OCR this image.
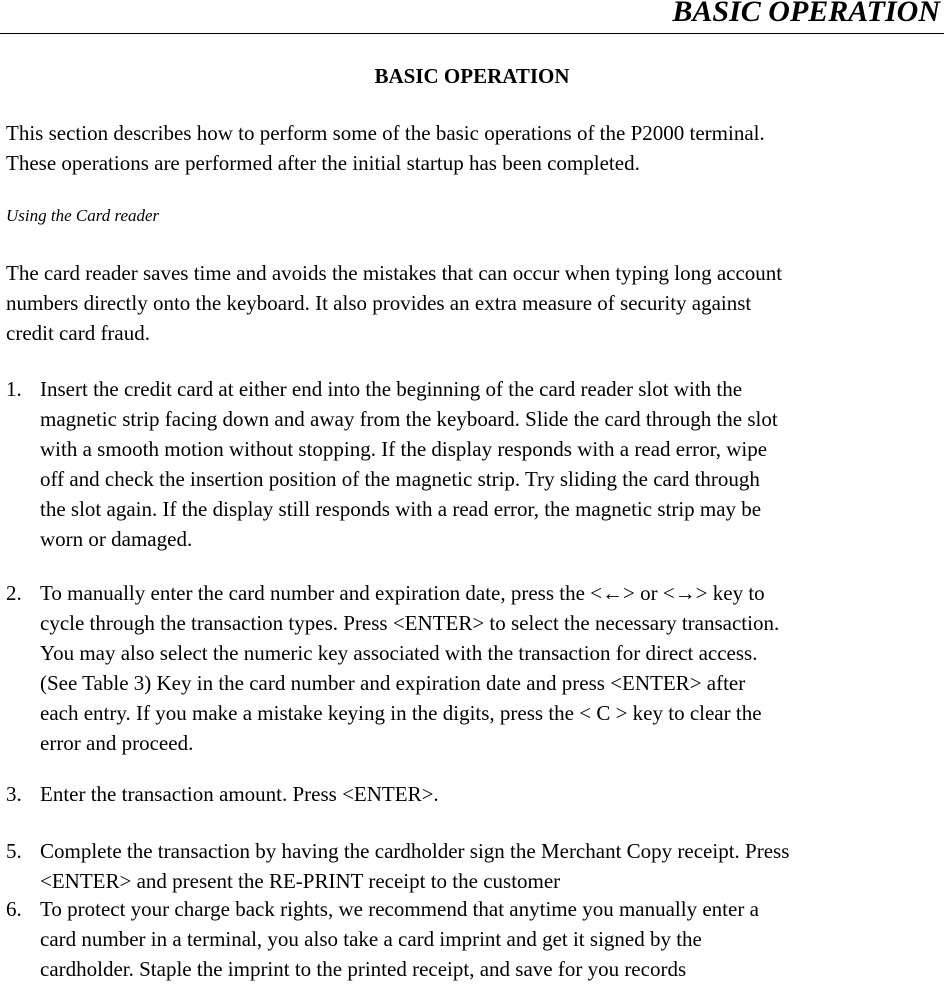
BASIC OPERATION
BASIC OPERATION
This section describes how to perform some of the basic operations of the P2000 terminal.
These operations are performed after the initial startup has been completed.
Using the Card reader
The card reader saves time and avoids the mistakes that can occur when typing long account
numbers directly onto the keyboard. It also provides an extra measure of security against
credit card fraud.
1. Insert the credit card at either end into the beginning of the card reader slot with the
magnetic strip facing down and away from the keyboard. Slide the card through the slot
with a smooth motion without stopping. If the display responds with a read error, wipe
off and check the insertion position of the magnetic strip. Try sliding the card through
the slot again. If the display still responds with a read error, the magnetic strip may be
worn or damaged.
2. To manually enter the card number and expiration date, press the <←> or <→> key to
cycle through the transaction types. Press <ENTER> to select the necessary transaction.
You may also select the numeric key associated with the transaction for direct access.
(See Table 3) Key in the card number and expiration date and press <ENTER> after
each entry. If you make a mistake keying in the digits, press the < C > key to clear the
error and proceed.
3. Enter the transaction amount. Press <ENTER>.
5. Complete the transaction by having the cardholder sign the Merchant Copy receipt. Press
<ENTER> and present the RE-PRINT receipt to the customer
6. To protect your charge back rights, we recommend that anytime you manually enter a
card number in a terminal, you also take a card imprint and get it signed by the
cardholder. Staple the imprint to the printed receipt, and save for you records
